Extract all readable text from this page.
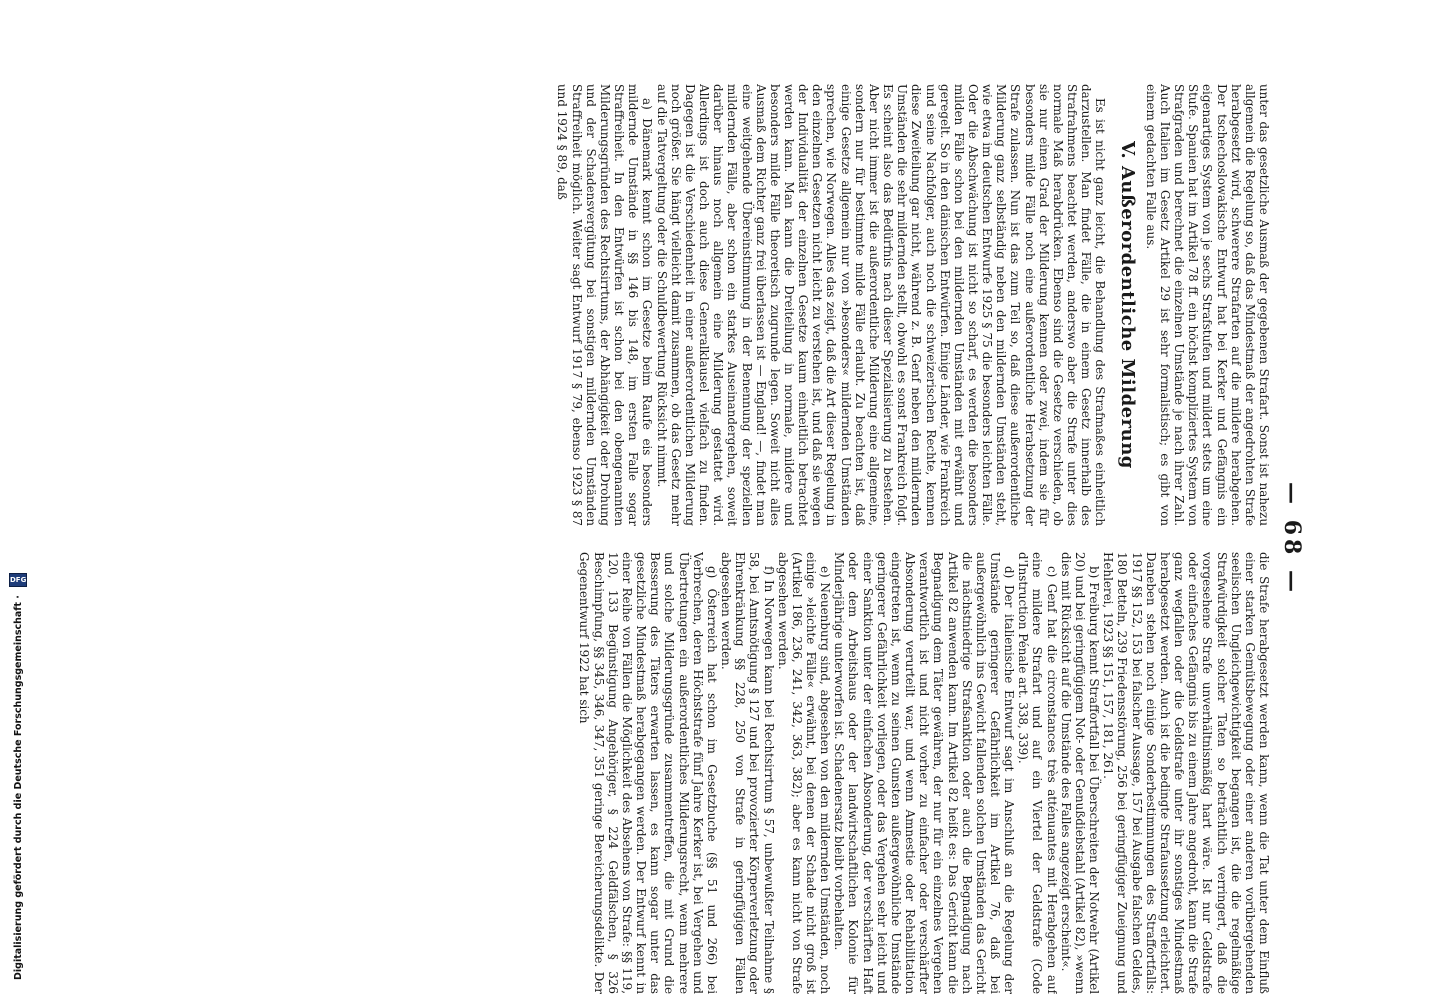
Digitalisierung gefördert durch die Deutsche Forschungsgemeinschaft ·
DFG	— 68 —

unter das gesetzliche Ausmaß der gegebenen Strafart. Sonst ist nahezu allgemein die Regelung so, daß das Mindestmaß der angedrohten Strafe herabgesetzt wird, schwerere Strafarten auf die mildere herabgehen. Der tschechoslowakische Entwurf hat bei Kerker und Gefängnis ein eigenartiges System von je sechs Strafstufen und mildert stets um eine Stufe. Spanien hat im Artikel 78 ff. ein höchst kompliziertes System von Strafgraden und berechnet die einzelnen Umstände je nach ihrer Zahl. Auch Italien im Gesetz Artikel 29 ist sehr formalistisch; es gibt von einem gedachten Falle aus.

V. Außerordentliche Milderung

Es ist nicht ganz leicht, die Behandlung des Strafmaßes einheitlich darzustellen. Man findet Fälle, die in einem Gesetz innerhalb des Strafrahmens beachtet werden, anderswo aber die Strafe unter dies normale Maß herabdrücken. Ebenso sind die Gesetze verschieden, ob sie nur einen Grad der Milderung kennen oder zwei, indem sie für besonders milde Fälle noch eine außerordentliche Herabsetzung der Strafe zulassen. Nun ist das zum Teil so, daß diese außerordentliche Milderung ganz selbständig neben den mildernden Umständen steht, wie etwa im deutschen Entwurfe 1925 § 75 die besonders leichten Fälle. Oder die Abschwächung ist nicht so scharf, es werden die besonders milden Fälle schon bei den mildernden Umständen mit erwähnt und geregelt. So in den dänischen Entwürfen. Einige Länder, wie Frankreich und seine Nachfolger, auch noch die schweizerischen Rechte, kennen diese Zweiteilung gar nicht, während z. B. Genf neben den mildernden Umständen die sehr mildernden stellt, obwohl es sonst Frankreich folgt. Es scheint also das Bedürfnis nach dieser Spezialisierung zu bestehen. Aber nicht immer ist die außerordentliche Milderung eine allgemeine, sondern nur für bestimmte milde Fälle erlaubt. Zu beachten ist, daß einige Gesetze allgemein nur von »besonders« mildernden Umständen sprechen, wie Norwegen. Alles das zeigt, daß die Art dieser Regelung in den einzelnen Gesetzen nicht leicht zu verstehen ist, und daß sie wegen der Individualität der einzelnen Gesetze kaum einheitlich betrachtet werden kann. Man kann die Dreiteilung in normale, mildere und besonders milde Fälle theoretisch zugrunde legen. Soweit nicht alles Ausmaß dem Richter ganz frei überlassen ist — England! —, findet man eine weitgehende Übereinstimmung in der Benennung der speziellen mildernden Fälle, aber schon ein starkes Auseinandergehen, soweit darüber hinaus noch allgemein eine Milderung gestattet wird. Allerdings ist doch auch diese Generalklausel vielfach zu finden. Dagegen ist die Verschiedenheit in einer außerordentlichen Milderung noch größer. Sie hängt vielleicht damit zusammen, ob das Gesetz mehr auf die Tatvergeltung oder die Schuldbewertung Rücksicht nimmt.

a) Dänemark kennt schon im Gesetze beim Raufe eis besonders mildernde Umstände in §§ 146 bis 148, im ersten Falle sogar Straffreiheit. In den Entwürfen ist schon bei den obengenannten Milderungsgründen des Rechtsirrtums, der Abhängigkeit oder Drohung und der Schadensvergütung bei sonstigen mildernden Umständen Straffreiheit möglich. Weiter sagt Entwurf 1917 § 79, ebenso 1923 § 87 und 1924 § 89, daß

die Strafe herabgesetzt werden kann, wenn die Tat unter dem Einfluß einer starken Gemütsbewegung oder einer anderen vorübergehenden seelischen Ungleichgewichtigkeit begangen ist, die die regelmäßige Strafwürdigkeit solcher Taten so beträchtlich verringert, daß die vorgesehene Strafe unverhältnismäßig hart wäre. Ist nur Geldstrafe oder einfaches Gefängnis bis zu einem Jahre angedroht, kann die Strafe ganz wegfallen oder die Geldstrafe unter ihr sonstiges Mindestmaß herabgesetzt werden. Auch ist die bedingte Strafaussetzung erleichtert. Daneben stehen noch einige Sonderbestimmungen des Straffortfalls: 1917 §§ 152, 153 bei falscher Aussage, 157 bei Ausgabe falschen Geldes, 180 Betteln, 239 Friedensstörung, 256 bei geringfügiger Zueignung und Hehlerei, 1923 §§ 151, 157, 181, 261.

b) Freiburg kennt Straffortfall bei Überschreiten der Notwehr (Artikel 20) und bei geringfügigem Not- oder Genußdiebstahl (Artikel 82), »wenn dies mit Rücksicht auf die Umstände des Falles angezeigt erscheint«.

c) Genf hat die circonstances très atténuantes mit Herabgehen auf eine mildere Strafart und auf ein Viertel der Geldstrafe (Code d'Instruction Pénale art. 338, 339).

d) Der italienische Entwurf sagt im Anschluß an die Regelung der Umstände geringerer Gefährlichkeit im Artikel 76, daß bei außergewöhnlich ins Gewicht fallenden solchen Umständen das Gericht die nächstniedrige Strafsanktion oder auch die Begnadigung nach Artikel 82 anwenden kann. Im Artikel 82 heißt es: Das Gericht kann die Begnadigung dem Täter gewähren, der nur für ein einzelnes Vergehen verantwortlich ist und nicht vorher zu einfacher oder verschärfter Absonderung verurteilt war, und wenn Amnestie oder Rehabilitation eingetreten ist, wenn zu seinen Gunsten außergewöhnliche Umstände geringerer Gefährlichkeit vorliegen, oder das Vergehen sehr leicht und einer Sanktion unter der einfachen Absonderung, der verschärften Haft oder dem Arbeitshaus oder der landwirtschaftlichen Kolonie für Minderjährige unterworfen ist. Schadenersatz bleibt vorbehalten.

e) Neuenburg sind, abgesehen von den mildernden Umständen, noch einige »leichte Fälle« erwähnt, bei denen der Schade nicht groß ist (Artikel 186, 236, 241, 342, 363, 382); aber es kann nicht von Strafe abgesehen werden.

f) In Norwegen kann bei Rechtsirrtum § 57, unbewußter Teilnahme § 58, bei Amtsnötigung § 127 und bei provozierter Körperverletzung oder Ehrenkränkung §§ 228, 250 von Strafe in geringfügigen Fällen abgesehen werden.

g) Österreich hat schon im Gesetzbuche (§§ 51 und 266) bei Verbrechen, deren Höchststrafe fünf Jahre Kerker ist, bei Vergehen und Übertretungen ein außerordentliches Milderungsrecht, wenn mehrere und solche Milderungsgründe zusammentreffen, die mit Grund die Besserung des Täters erwarten lassen, es kann sogar unter das gesetzliche Mindestmaß herabgegangen werden. Der Entwurf kennt in einer Reihe von Fällen die Möglichkeit des Absehens von Strafe: §§ 119, 120, 133 Begünstigung Angehöriger, § 224 Geldfälschen, § 326 Beschimpfung, §§ 345, 346, 347, 351 geringe Bereicherungsdelikte. Der Gegenentwurf 1922 hat sich
